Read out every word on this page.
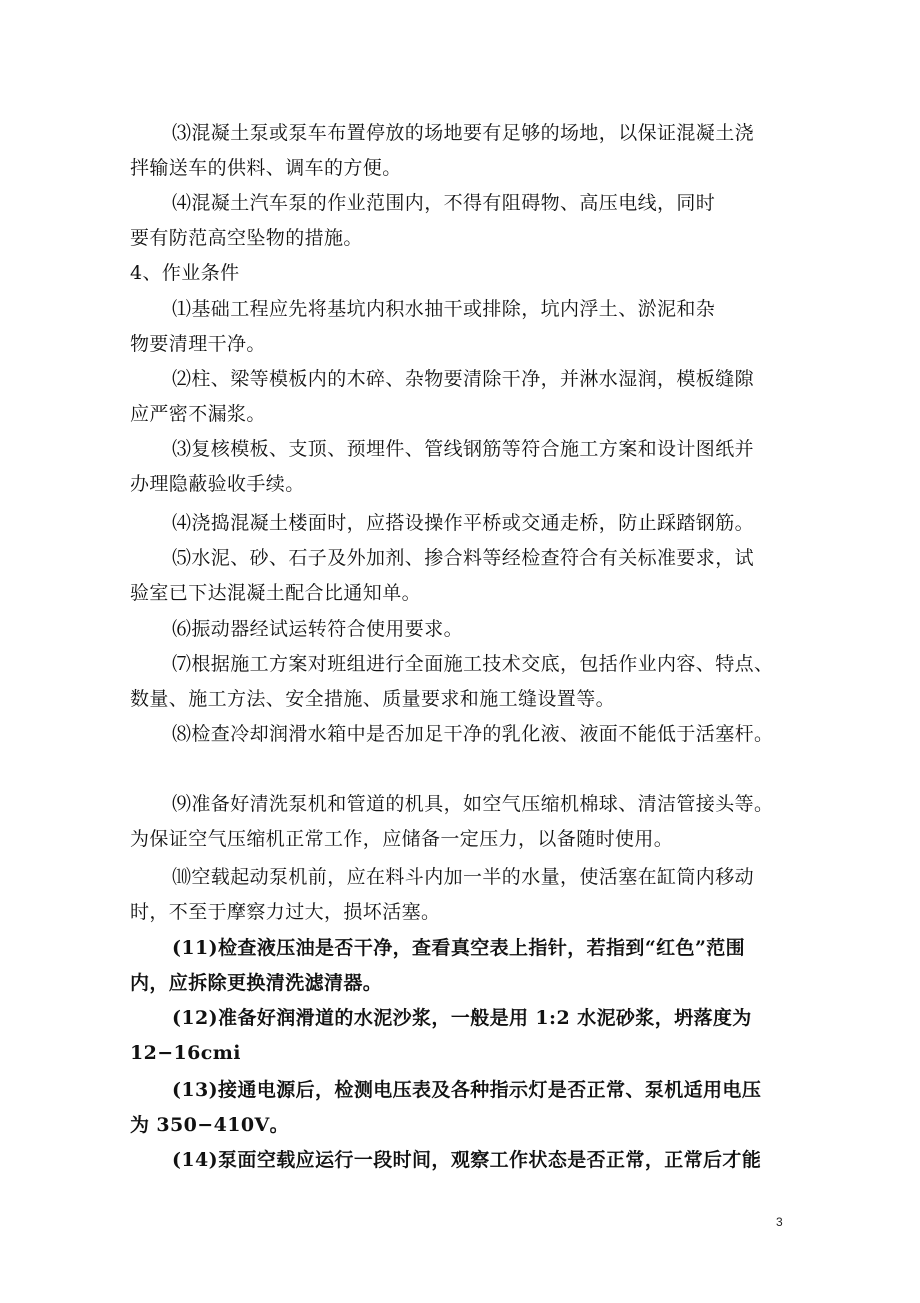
⑶混凝土泵或泵车布置停放的场地要有足够的场地，以保证混凝土浇
拌输送车的供料、调车的方便。
⑷混凝土汽车泵的作业范围内，不得有阻碍物、高压电线，同时
要有防范高空坠物的措施。
4、作业条件
⑴基础工程应先将基坑内积水抽干或排除，坑内浮土、淤泥和杂
物要清理干净。
⑵柱、梁等模板内的木碎、杂物要清除干净，并淋水湿润，模板缝隙
应严密不漏浆。
⑶复核模板、支顶、预埋件、管线钢筋等符合施工方案和设计图纸并
办理隐蔽验收手续。
⑷浇捣混凝土楼面时，应搭设操作平桥或交通走桥，防止踩踏钢筋。
⑸水泥、砂、石子及外加剂、掺合料等经检查符合有关标准要求，试
验室已下达混凝土配合比通知单。
⑹振动器经试运转符合使用要求。
⑺根据施工方案对班组进行全面施工技术交底，包括作业内容、特点、
数量、施工方法、安全措施、质量要求和施工缝设置等。
⑻检查冷却润滑水箱中是否加足干净的乳化液、液面不能低于活塞杆。
⑼准备好清洗泵机和管道的机具，如空气压缩机棉球、清洁管接头等。
为保证空气压缩机正常工作，应储备一定压力，以备随时使用。
⑽空载起动泵机前，应在料斗内加一半的水量，使活塞在缸筒内移动
时，不至于摩察力过大，损坏活塞。
(11)检查液压油是否干净，查看真空表上指针，若指到“红色”范围
内，应拆除更换清洗滤清器。
(12)准备好润滑道的水泥沙浆，一般是用 1:2 水泥砂浆，坍落度为
12−16cmi
(13)接通电源后，检测电压表及各种指示灯是否正常、泵机适用电压
为 350−410V。
(14)泵面空载应运行一段时间，观察工作状态是否正常，正常后才能
3
